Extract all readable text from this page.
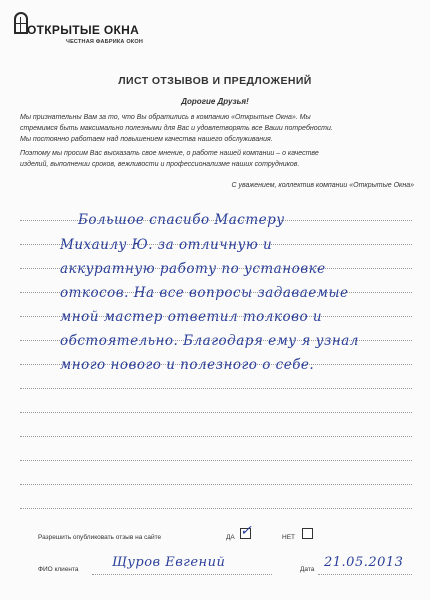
ОТКРЫТЫЕ ОКНА
ЧЕСТНАЯ ФАБРИКА ОКОН
ЛИСТ ОТЗЫВОВ И ПРЕДЛОЖЕНИЙ
Дорогие Друзья!
Мы признательны Вам за то, что Вы обратились в компанию «Открытые Окна». Мы
стремимся быть максимально полезными для Вас и удовлетворять все Ваши потребности.
Мы постоянно работаем над повышением качества нашего обслуживания.
Поэтому мы просим Вас высказать свое мнение, о работе нашей компании – о качестве
изделий, выполнении сроков, вежливости и профессионализме наших сотрудников.
С уважением, коллектив компании «Открытые Окна»
Большое спасибо Мастеру
Михаилу Ю. за отличную и
аккуратную работу по установке
откосов. На все вопросы задаваемые
мной мастер ответил толково и
обстоятельно. Благодаря ему я узнал
много нового и полезного о себе.
Разрешить опубликовать отзыв на сайте	ДА ✓	НЕТ
ФИО клиента	Щуров Евгений	Дата 21.05.2013
